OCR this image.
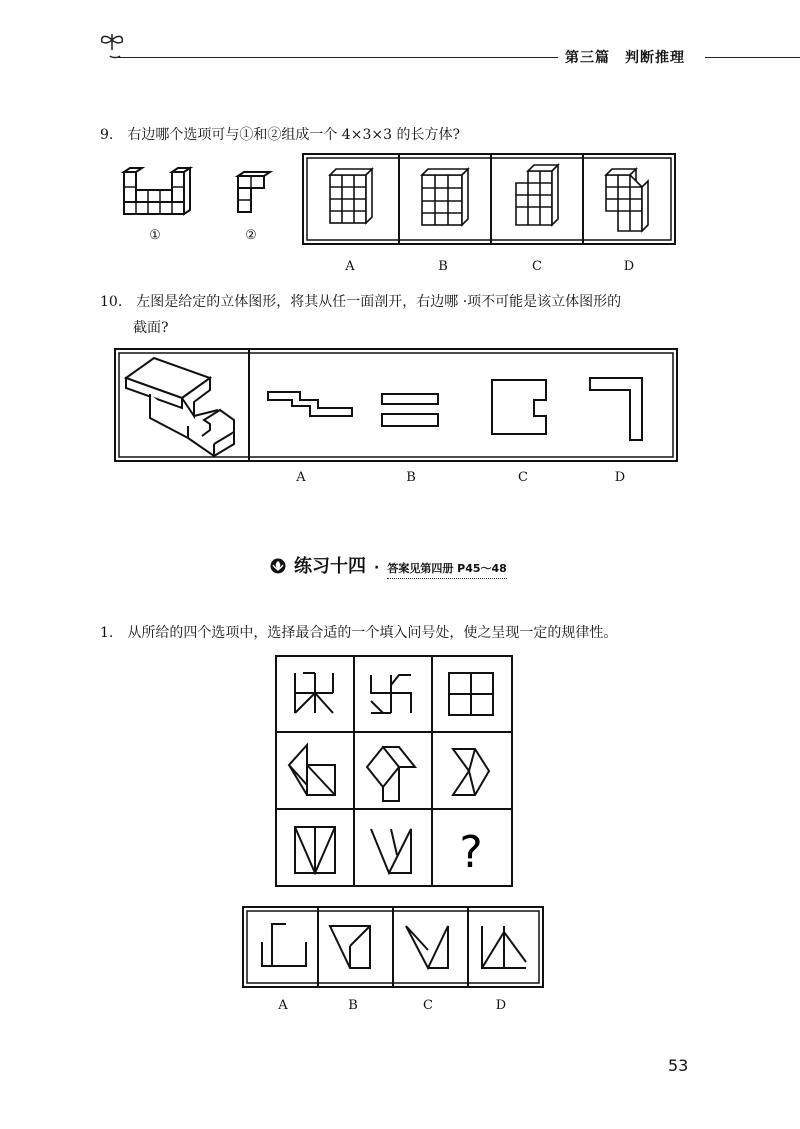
第三篇　判断推理
9.　右边哪个选项可与①和②组成一个 4×3×3 的长方体?
①	②
A	B	C	D
10.　左图是给定的立体图形，将其从任一面剖开，右边哪 ·项不可能是该立体图形的
截面?
A	B	C	D
练习十四 · 答案见第四册 P45～48
1.　从所给的四个选项中，选择最合适的一个填入问号处，使之呈现一定的规律性。
?
A	B	C	D
53
